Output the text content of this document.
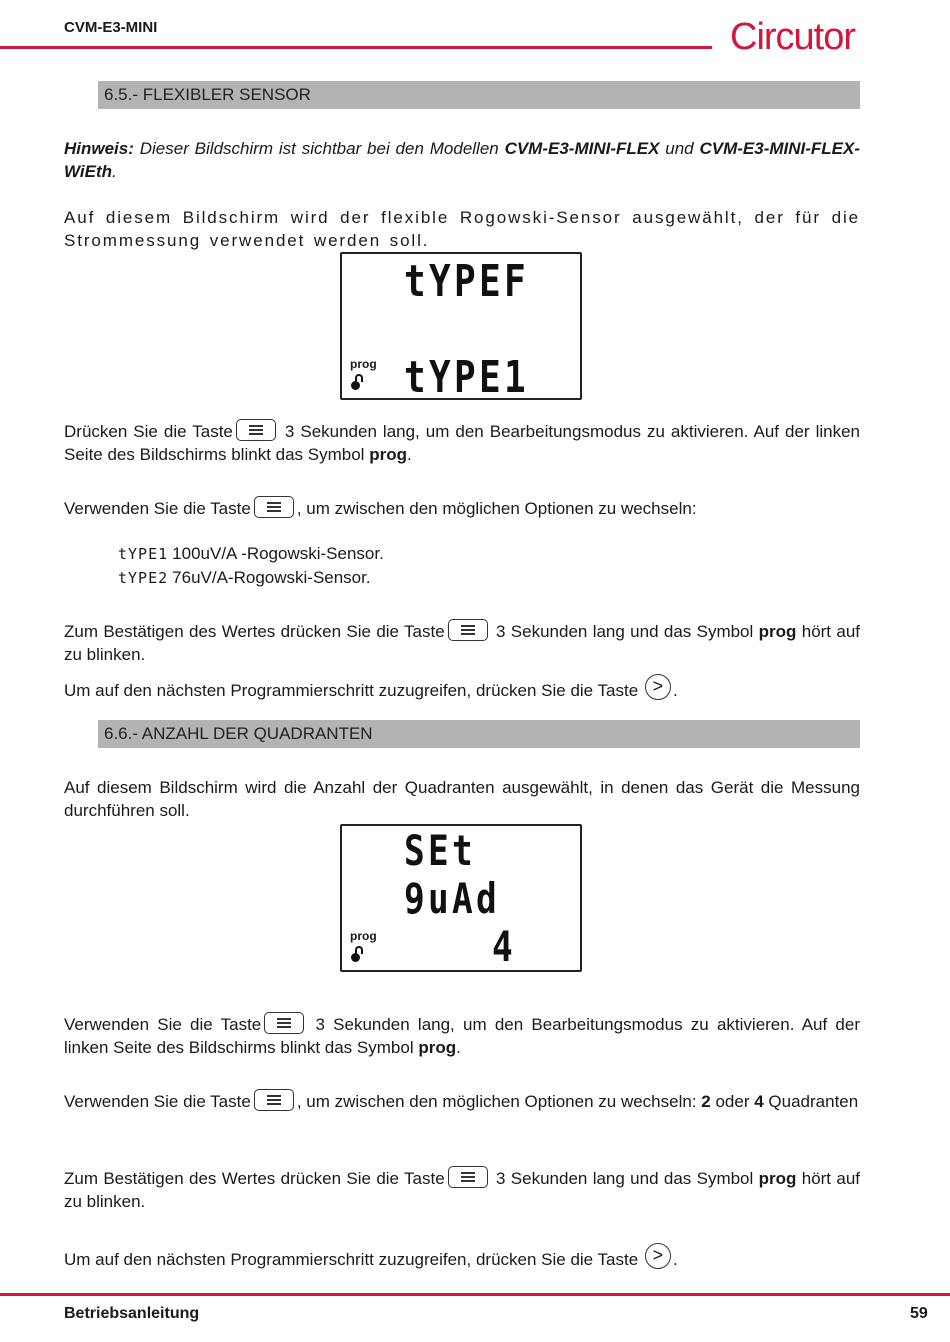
CVM-E3-MINI	Circutor
6.5.- FLEXIBLER SENSOR
Hinweis: Dieser Bildschirm ist sichtbar bei den Modellen CVM-E3-MINI-FLEX und CVM-E3-MINI-FLEX-WiEth.
Auf diesem Bildschirm wird der flexible Rogowski-Sensor ausgewählt, der für die Strommessung verwendet werden soll.
tYPEF
prog tYPE1
Drücken Sie die Taste	3 Sekunden lang, um den Bearbeitungsmodus zu aktivieren. Auf der linken Seite des Bildschirms blinkt das Symbol prog.
Verwenden Sie die Taste	, um zwischen den möglichen Optionen zu wechseln:
tYPE1 100uV/A -Rogowski-Sensor.
tYPE2 76uV/A-Rogowski-Sensor.
Zum Bestätigen des Wertes drücken Sie die Taste	3 Sekunden lang und das Symbol prog hört auf zu blinken.
Um auf den nächsten Programmierschritt zuzugreifen, drücken Sie die Taste > .
6.6.- ANZAHL DER QUADRANTEN
Auf diesem Bildschirm wird die Anzahl der Quadranten ausgewählt, in denen das Gerät die Messung durchführen soll.
SEt
9uAd
prog	4
Verwenden Sie die Taste	3 Sekunden lang, um den Bearbeitungsmodus zu aktivieren. Auf der linken Seite des Bildschirms blinkt das Symbol prog.
Verwenden Sie die Taste	, um zwischen den möglichen Optionen zu wechseln: 2 oder 4 Quadranten
Zum Bestätigen des Wertes drücken Sie die Taste	3 Sekunden lang und das Symbol prog hört auf zu blinken.
Um auf den nächsten Programmierschritt zuzugreifen, drücken Sie die Taste > .
Betriebsanleitung	59
